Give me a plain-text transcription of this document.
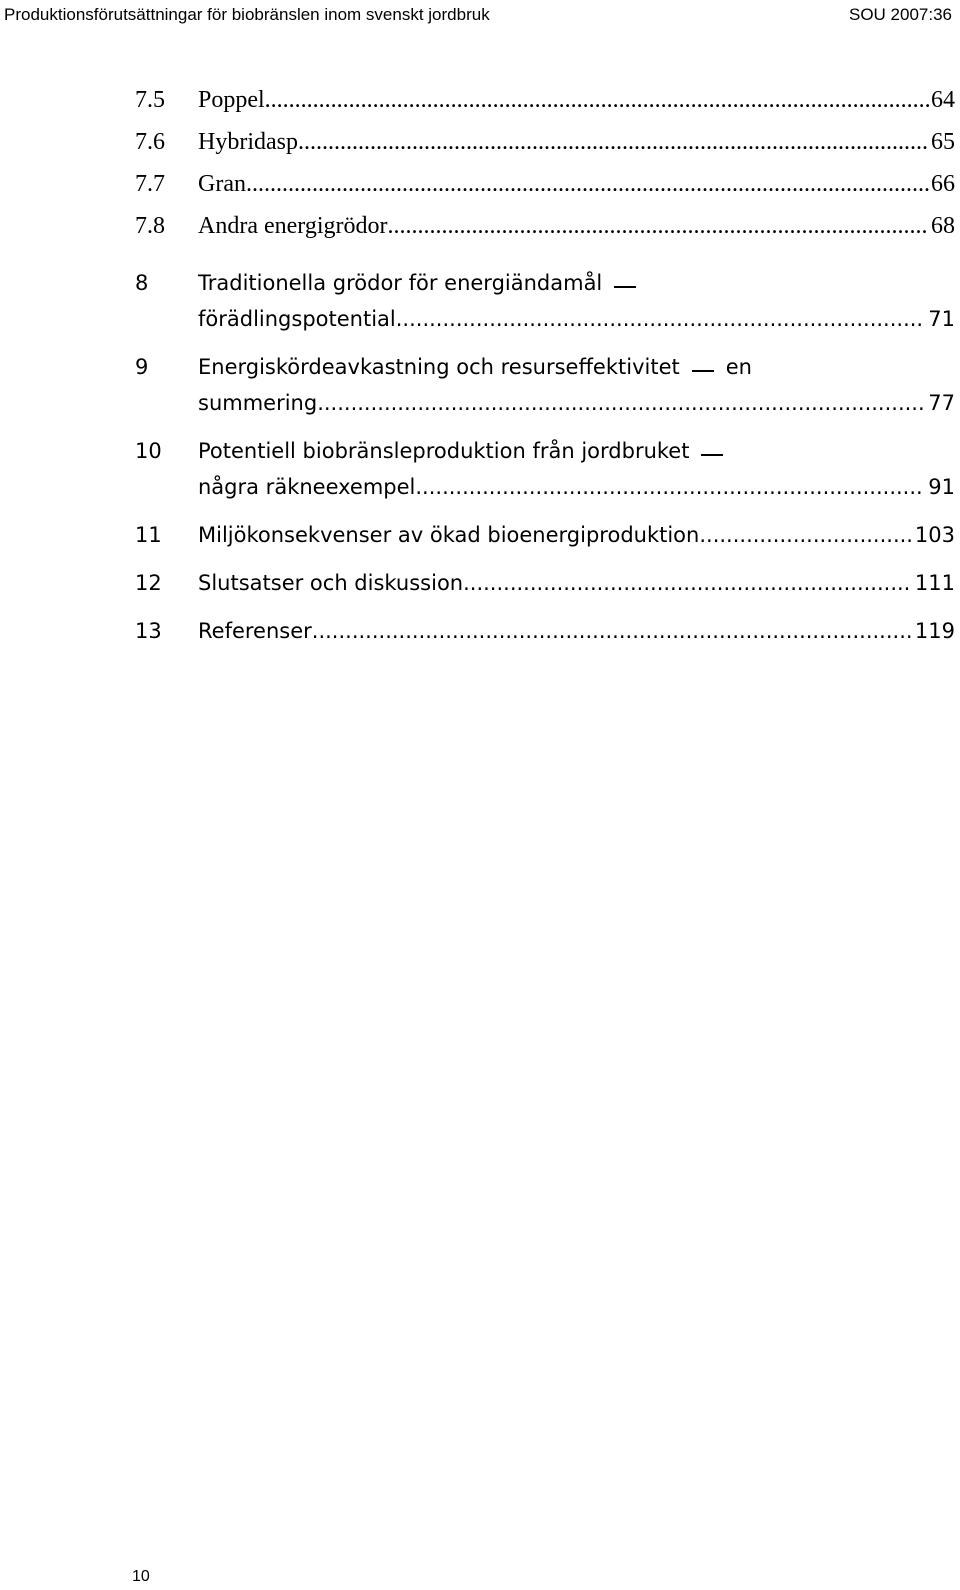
Produktionsförutsättningar för biobränslen inom svenskt jordbruk	SOU 2007:36
7.5	Poppel .....	64
7.6	Hybridasp .....	65
7.7	Gran .....	66
7.8	Andra energigrödor .....	68
8	Traditionella grödor för energiändamål
förädlingspotential .....	71
9	Energiskördeavkastning och resurseffektivitet en
summering .....	77
10	Potentiell biobränsleproduktion från jordbruket
några räkneexempel .....	91
11	Miljökonsekvenser av ökad bioenergiproduktion .....	103
12	Slutsatser och diskussion .....	111
13	Referenser .....	119
10
